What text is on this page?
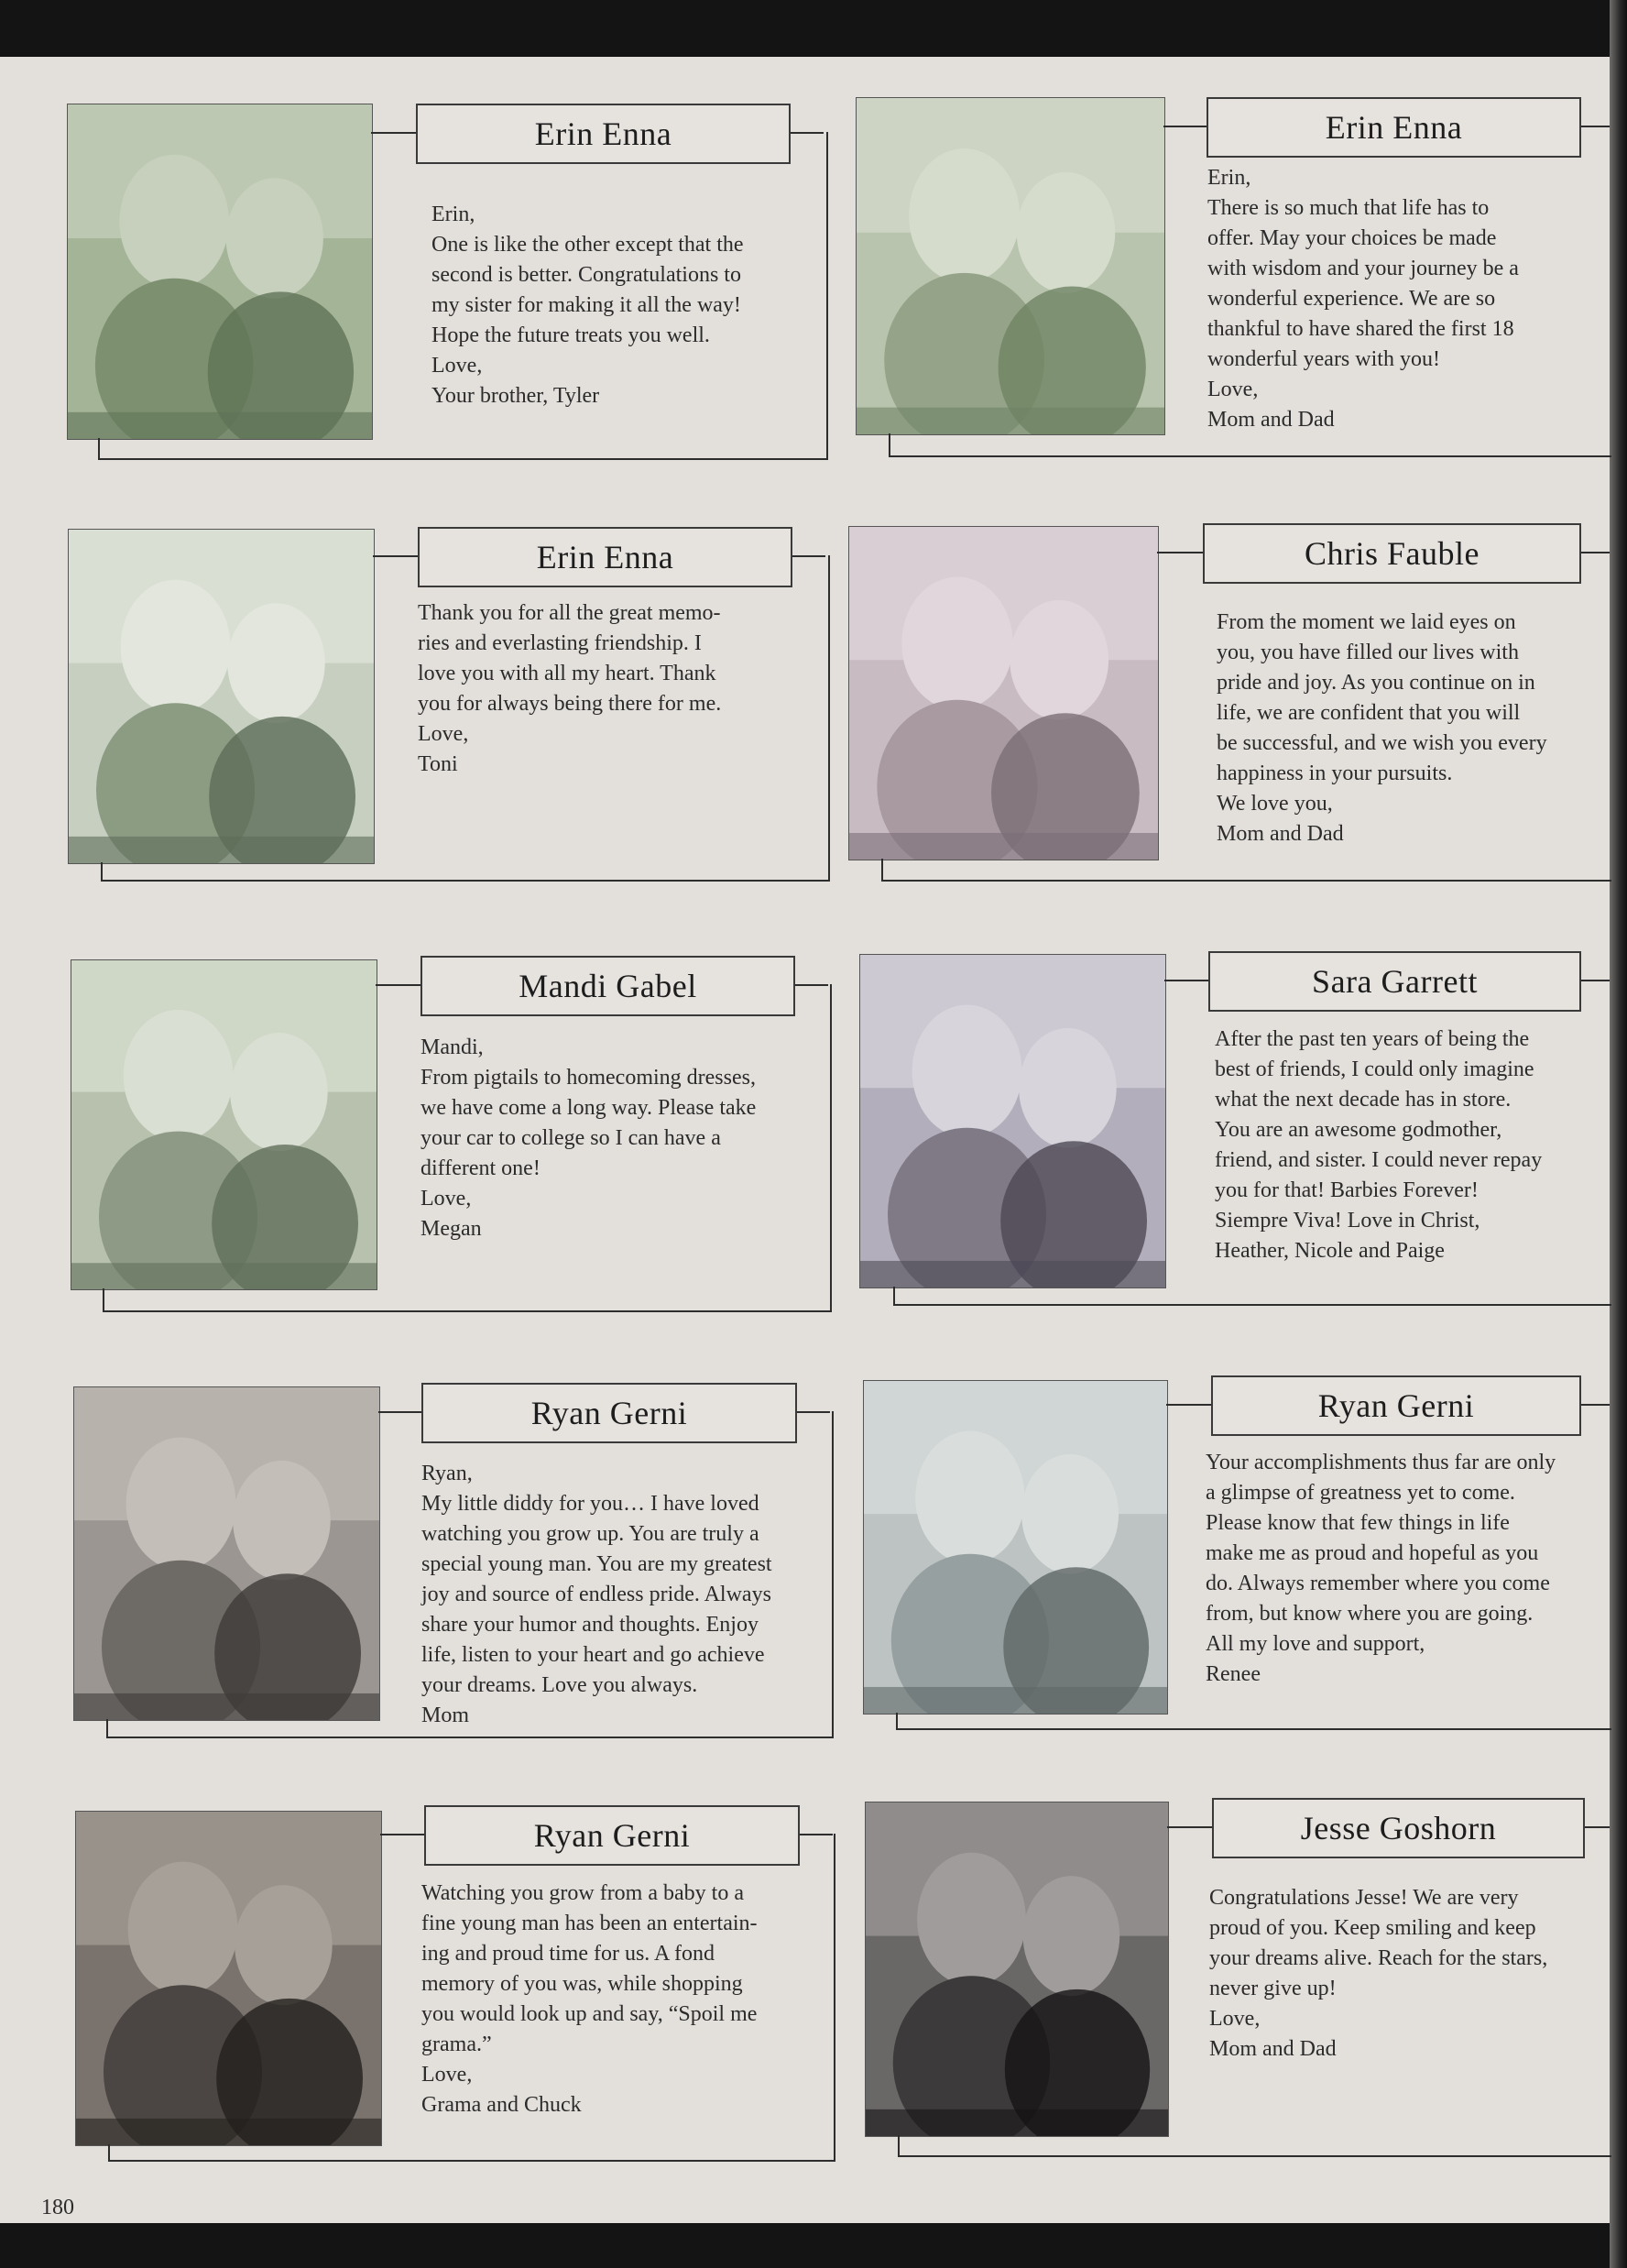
Erin Enna
Erin,
One is like the other except that the
second is better. Congratulations to
my sister for making it all the way!
Hope the future treats you well.
Love,
Your brother, Tyler
Erin Enna
Erin,
There is so much that life has to
offer. May your choices be made
with wisdom and your journey be a
wonderful experience. We are so
thankful to have shared the first 18
wonderful years with you!
Love,
Mom and Dad
Erin Enna
Thank you for all the great memo-
ries and everlasting friendship. I
love you with all my heart. Thank
you for always being there for me.
Love,
Toni
Chris Fauble
From the moment we laid eyes on
you, you have filled our lives with
pride and joy. As you continue on in
life, we are confident that you will
be successful, and we wish you every
happiness in your pursuits.
We love you,
Mom and Dad
Mandi Gabel
Mandi,
From pigtails to homecoming dresses,
we have come a long way. Please take
your car to college so I can have a
different one!
Love,
Megan
Sara Garrett
After the past ten years of being the
best of friends, I could only imagine
what the next decade has in store.
You are an awesome godmother,
friend, and sister. I could never repay
you for that! Barbies Forever!
Siempre Viva! Love in Christ,
Heather, Nicole and Paige
Ryan Gerni
Ryan,
My little diddy for you… I have loved
watching you grow up. You are truly a
special young man. You are my greatest
joy and source of endless pride. Always
share your humor and thoughts. Enjoy
life, listen to your heart and go achieve
your dreams. Love you always.
Mom
Ryan Gerni
Your accomplishments thus far are only
a glimpse of greatness yet to come.
Please know that few things in life
make me as proud and hopeful as you
do. Always remember where you come
from, but know where you are going.
All my love and support,
Renee
Ryan Gerni
Watching you grow from a baby to a
fine young man has been an entertain-
ing and proud time for us. A fond
memory of you was, while shopping
you would look up and say, “Spoil me
grama.”
Love,
Grama and Chuck
Jesse Goshorn
Congratulations Jesse! We are very
proud of you. Keep smiling and keep
your dreams alive. Reach for the stars,
never give up!
Love,
Mom and Dad
180
